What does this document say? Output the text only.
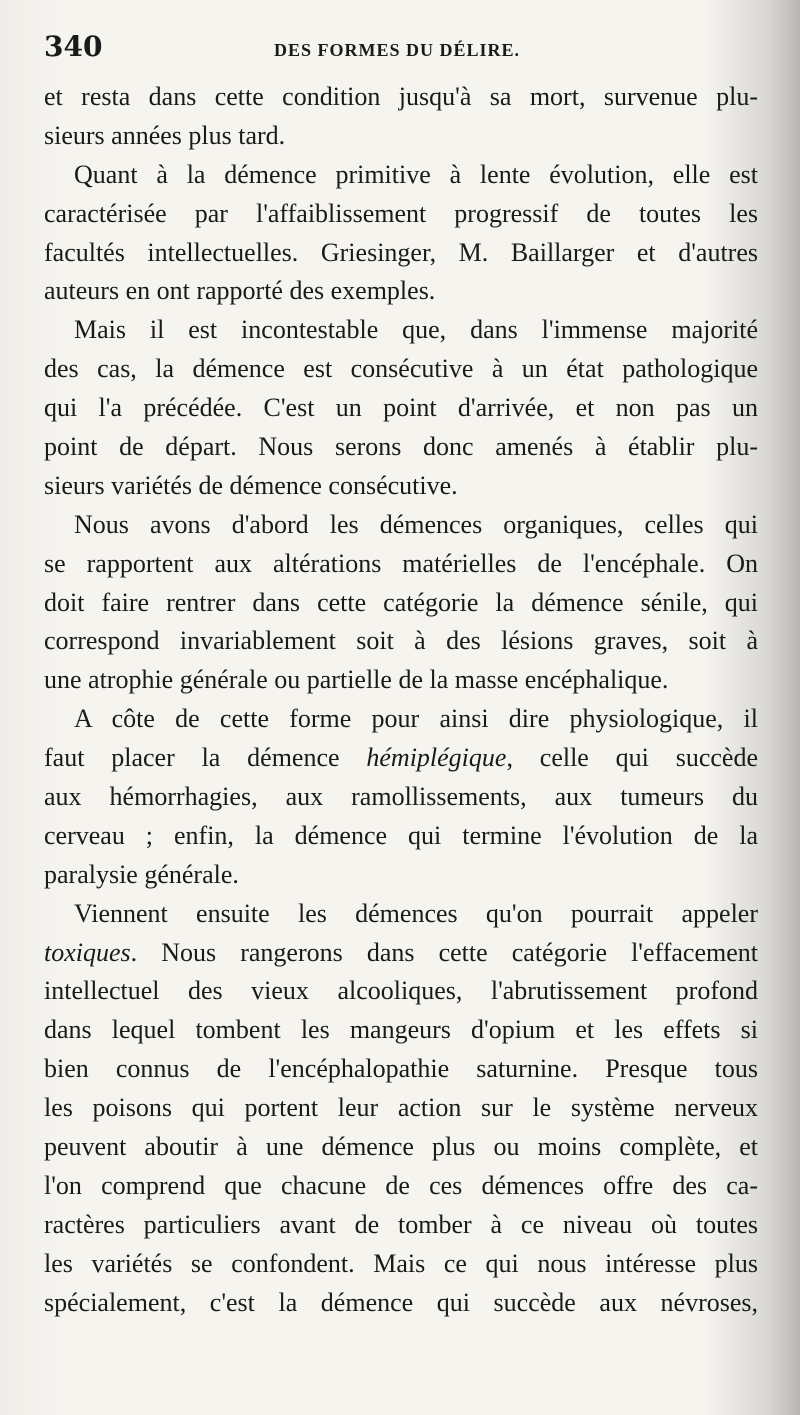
340	DES FORMES DU DÉLIRE.
et resta dans cette condition jusqu'à sa mort, survenue plu-
sieurs années plus tard.
Quant à la démence primitive à lente évolution, elle est
caractérisée par l'affaiblissement progressif de toutes les
facultés intellectuelles. Griesinger, M. Baillarger et d'autres
auteurs en ont rapporté des exemples.
Mais il est incontestable que, dans l'immense majorité
des cas, la démence est consécutive à un état pathologique
qui l'a précédée. C'est un point d'arrivée, et non pas un
point de départ. Nous serons donc amenés à établir plu-
sieurs variétés de démence consécutive.
Nous avons d'abord les démences organiques, celles qui
se rapportent aux altérations matérielles de l'encéphale. On
doit faire rentrer dans cette catégorie la démence sénile, qui
correspond invariablement soit à des lésions graves, soit à
une atrophie générale ou partielle de la masse encéphalique.
A côte de cette forme pour ainsi dire physiologique, il
faut placer la démence hémiplégique, celle qui succède
aux hémorrhagies, aux ramollissements, aux tumeurs du
cerveau ; enfin, la démence qui termine l'évolution de la
paralysie générale.
Viennent ensuite les démences qu'on pourrait appeler
toxiques. Nous rangerons dans cette catégorie l'effacement
intellectuel des vieux alcooliques, l'abrutissement profond
dans lequel tombent les mangeurs d'opium et les effets si
bien connus de l'encéphalopathie saturnine. Presque tous
les poisons qui portent leur action sur le système nerveux
peuvent aboutir à une démence plus ou moins complète, et
l'on comprend que chacune de ces démences offre des ca-
ractères particuliers avant de tomber à ce niveau où toutes
les variétés se confondent. Mais ce qui nous intéresse plus
spécialement, c'est la démence qui succède aux névroses,
